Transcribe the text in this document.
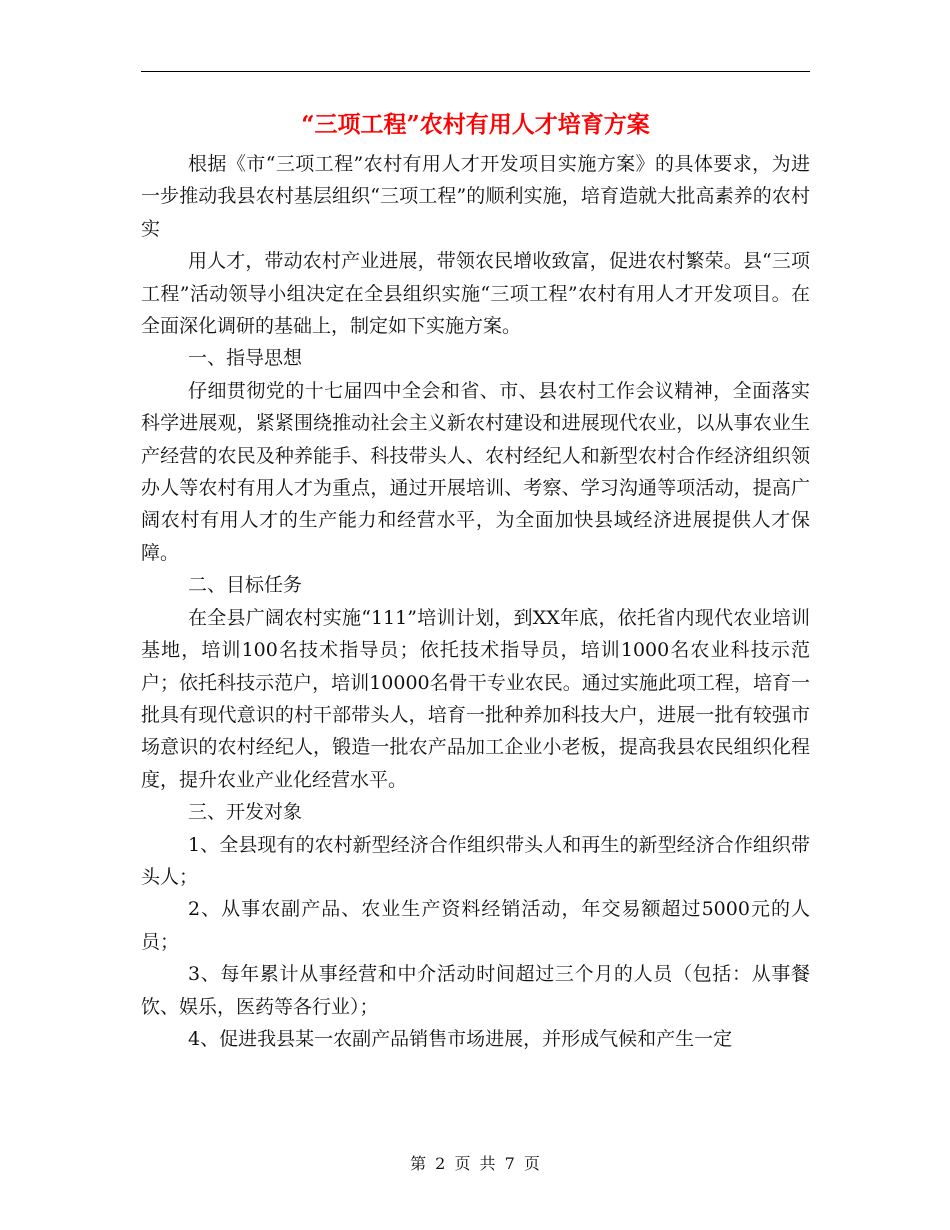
“三项工程”农村有用人才培育方案
根据《市“三项工程”农村有用人才开发项目实施方案》的具体要求，为进一步推动我县农村基层组织“三项工程”的顺利实施，培育造就大批高素养的农村实
用人才，带动农村产业进展，带领农民增收致富，促进农村繁荣。县“三项工程”活动领导小组决定在全县组织实施“三项工程”农村有用人才开发项目。在全面深化调研的基础上，制定如下实施方案。
一、指导思想
仔细贯彻党的十七届四中全会和省、市、县农村工作会议精神，全面落实科学进展观，紧紧围绕推动社会主义新农村建设和进展现代农业，以从事农业生产经营的农民及种养能手、科技带头人、农村经纪人和新型农村合作经济组织领办人等农村有用人才为重点，通过开展培训、考察、学习沟通等项活动，提高广阔农村有用人才的生产能力和经营水平，为全面加快县域经济进展提供人才保障。
二、目标任务
在全县广阔农村实施“111”培训计划，到XX年底，依托省内现代农业培训基地，培训100名技术指导员；依托技术指导员，培训1000名农业科技示范户；依托科技示范户，培训10000名骨干专业农民。通过实施此项工程，培育一批具有现代意识的村干部带头人，培育一批种养加科技大户，进展一批有较强市场意识的农村经纪人，锻造一批农产品加工企业小老板，提高我县农民组织化程度，提升农业产业化经营水平。
三、开发对象
1、全县现有的农村新型经济合作组织带头人和再生的新型经济合作组织带头人；
2、从事农副产品、农业生产资料经销活动，年交易额超过5000元的人员；
3、每年累计从事经营和中介活动时间超过三个月的人员（包括：从事餐饮、娱乐，医药等各行业）；
4、促进我县某一农副产品销售市场进展，并形成气候和产生一定
第 2 页 共 7 页
